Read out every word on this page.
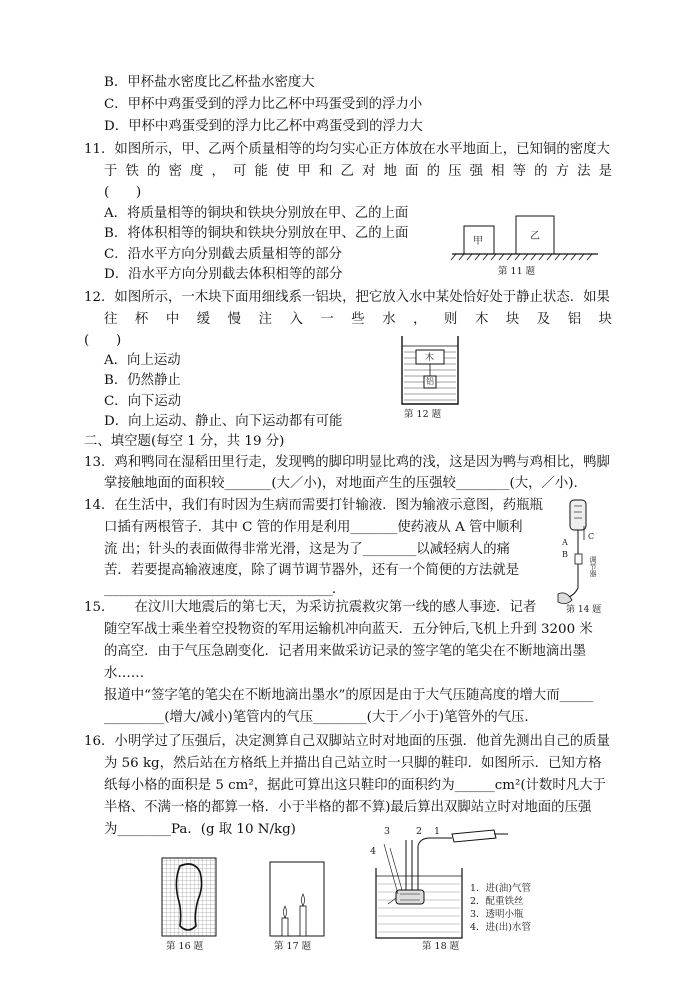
B．甲杯盐水密度比乙杯盐水密度大
C．甲杯中鸡蛋受到的浮力比乙杯中玛蛋受到的浮力小
D．甲杯中鸡蛋受到的浮力比乙杯中鸡蛋受到的浮力大
11．如图所示，甲、乙两个质量相等的均匀实心正方体放在水平地面上，已知铜的密度大
于 铁 的 密 度 ， 可 能 使 甲 和 乙 对 地 面 的 压 强 相 等 的 方 法 是
(　　)
A．将质量相等的铜块和铁块分别放在甲、乙的上面
B．将体积相等的铜块和铁块分别放在甲、乙的上面
C．沿水平方向分别截去质量相等的部分
D．沿水平方向分别截去体积相等的部分
甲	乙
第 11 题
12．如图所示，一木块下面用细线系一铝块，把它放入水中某处恰好处于静止状态．如果
往 杯 中 缓 慢 注 入 一 些 水 ， 则 木 块 及 铝 块
(　　)
A．向上运动
B．仍然静止
C．向下运动
D．向上运动、静止、向下运动都有可能
木
铝
第 12 题
二、填空题(每空 1 分，共 19 分)
13．鸡和鸭同在湿稻田里行走，发现鸭的脚印明显比鸡的浅，这是因为鸭与鸡相比，鸭脚
掌接触地面的面积较_______(大／小)，对地面产生的压强较________(大，／小).
14．在生活中，我们有时因为生病而需要打针输液．图为输液示意图，药瓶瓶
口插有两根管子．其中 C 管的作用是利用_______使药液从 A 管中顺利
流 出；针头的表面做得非常光滑，这是为了________以减轻病人的痛
苦．若要提高输液速度，除了调节调节器外，还有一个简便的方法就是
________________________________________．
A
B
C
调节器
第 14 题
15．　　在汶川大地震后的第七天，为采访抗震救灾第一线的感人事迹．记者
随空军战士乘坐着空投物资的军用运输机冲向蓝天．五分钟后,飞机上升到 3200 米
的高空．由于气压急剧变化．记者用来做采访记录的签字笔的笔尖在不断地滴出墨
水……
报道中“签字笔的笔尖在不断地滴出墨水”的原因是由于大气压随高度的增大而_____
_________(增大/减小)笔管内的气压________(大于／小于)笔管外的气压．
16．小明学过了压强后，决定测算自己双脚站立时对地面的压强．他首先测出自己的质量
为 56 kg，然后站在方格纸上并描出自己站立时一只脚的鞋印．如图所示．已知方格
纸每小格的面积是 5 cm²，据此可算出这只鞋印的面积约为______cm²(计数时凡大于
半格、不满一格的都算一格．小于半格的都不算)最后算出双脚站立时对地面的压强
为________Pa．(g 取 10 N/kg)
第 16 题	第 17 题
3	2 1
4
1．进(油)气管
2．配重铁丝
3．透明小瓶
4．进(出)水管
第 18 题
